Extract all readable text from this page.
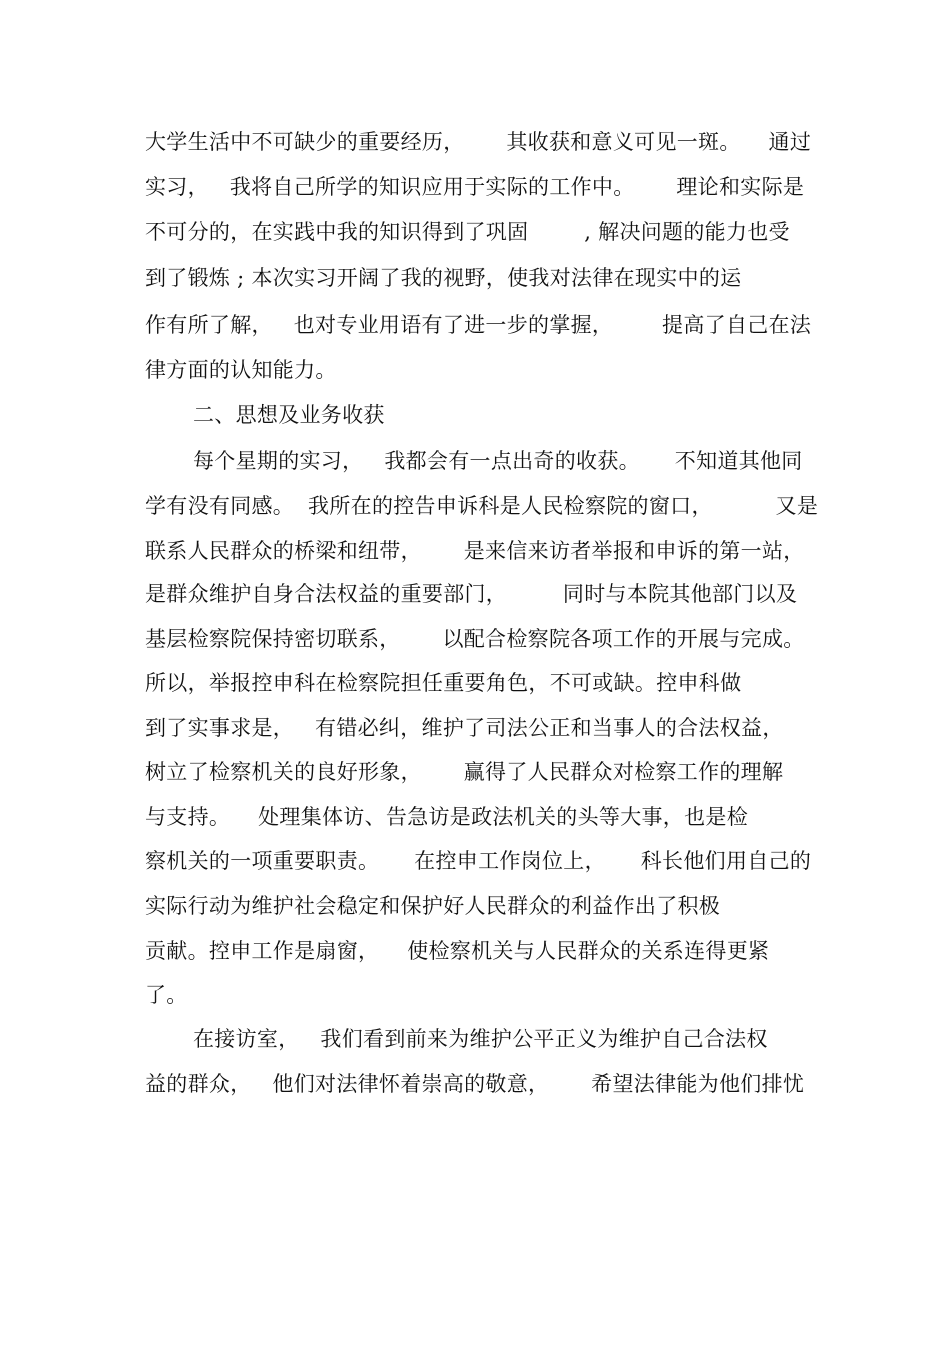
大学生活中不可缺少的重要经历，      其收获和意义可见一斑。    通过
实习，   我将自己所学的知识应用于实际的工作中。      理论和实际是
不可分的，在实践中我的知识得到了巩固        , 解决问题的能力也受
到了锻炼 ; 本次实习开阔了我的视野，使我对法律在现实中的运
作有所了解，   也对专业用语有了进一步的掌握，       提高了自己在法
律方面的认知能力。
二、思想及业务收获
每个星期的实习，   我都会有一点出奇的收获。     不知道其他同
学有没有同感。  我所在的控告申诉科是人民检察院的窗口，         又是
联系人民群众的桥梁和纽带，      是来信来访者举报和申诉的第一站，
是群众维护自身合法权益的重要部门，        同时与本院其他部门以及
基层检察院保持密切联系，      以配合检察院各项工作的开展与完成。
所以，举报控申科在检察院担任重要角色，不可或缺。控申科做
到了实事求是，   有错必纠，维护了司法公正和当事人的合法权益，
树立了检察机关的良好形象，      赢得了人民群众对检察工作的理解
与支持。    处理集体访、告急访是政法机关的头等大事，也是检
察机关的一项重要职责。     在控申工作岗位上，     科长他们用自己的
实际行动为维护社会稳定和保护好人民群众的利益作出了积极
贡献。控申工作是扇窗，    使检察机关与人民群众的关系连得更紧
了。
在接访室，   我们看到前来为维护公平正义为维护自己合法权
益的群众，   他们对法律怀着崇高的敬意，      希望法律能为他们排忧
